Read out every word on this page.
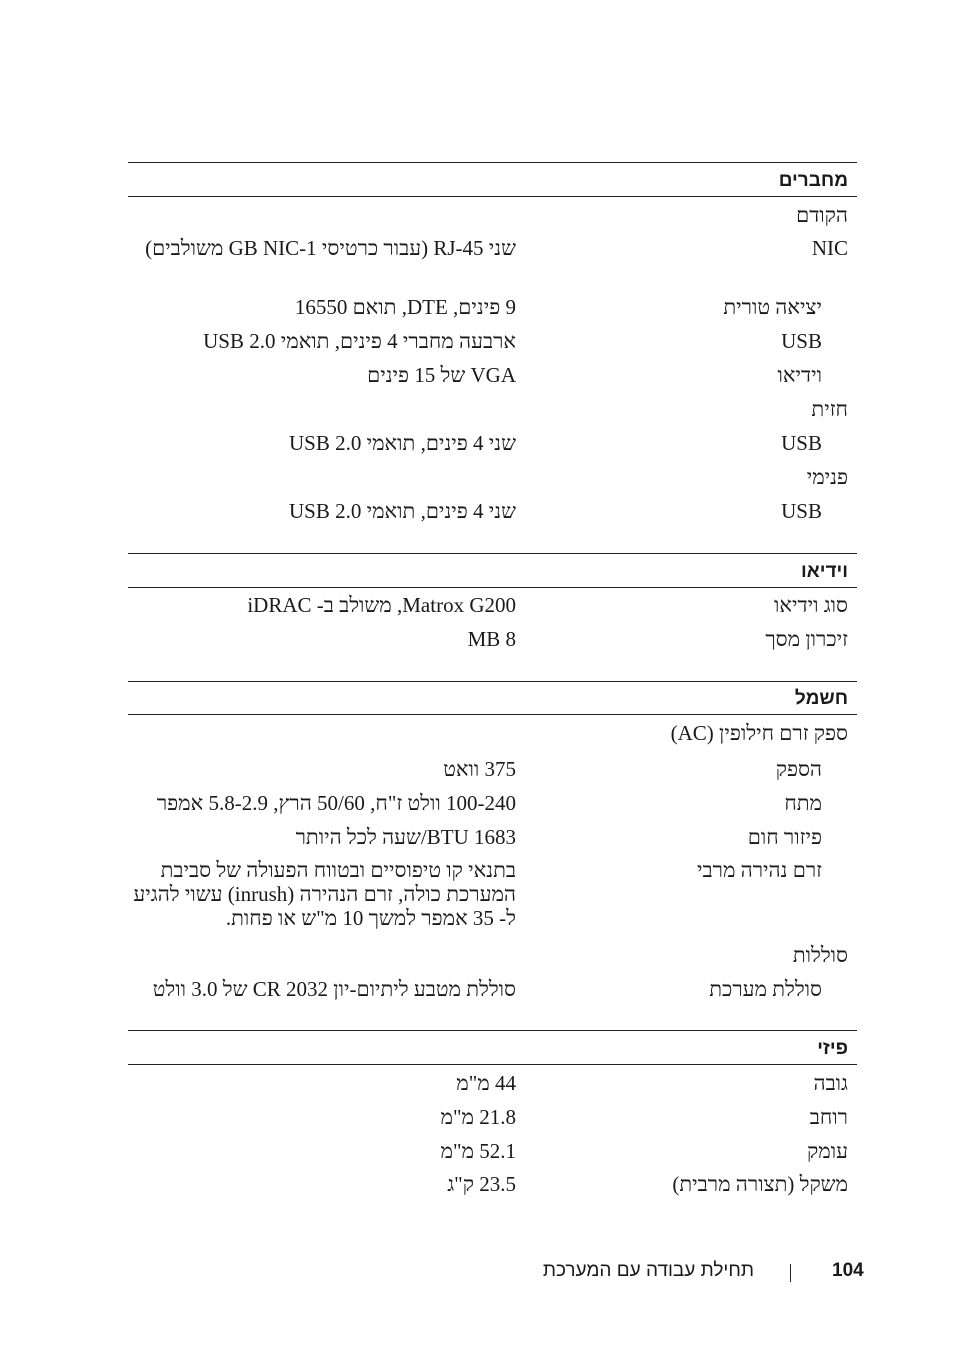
מחברים
הקודם
NIC
שני RJ-45 (עבור כרטיסי 1-GB NIC משולבים)
יציאה טורית
9 פינים, DTE, תואם 16550
USB
ארבעה מחברי 4 פינים, תואמי USB 2.0
וידיאו
VGA של 15 פינים
חזית
USB
שני 4 פינים, תואמי USB 2.0
פנימי
USB
שני 4 פינים, תואמי USB 2.0
וידיאו
סוג וידיאו
Matrox G200, משולב ב- iDRAC
זיכרון מסך
8 MB
חשמל
ספק זרם חילופין (AC)
הספק
375 וואט
מתח
100-240 וולט ז"ח, 50/60 הרץ, 5.8-2.9 אמפר
פיזור חום
1683 BTU/שעה לכל היותר
זרם נהירה מרבי
בתנאי קו טיפוסיים ובטווח הפעולה של סביבת המערכת כולה, זרם הנהירה (inrush) עשוי להגיע ל- 35 אמפר למשך 10 מ"ש או פחות.
סוללות
סוללת מערכת
סוללת מטבע ליתיום-יון CR 2032 של 3.0 וולט
פיזי
גובה
44 מ"מ
רוחב
21.8 מ"מ
עומק
52.1 מ"מ
משקל (תצורה מרבית)
23.5 ק"ג
104
תחילת עבודה עם המערכת
